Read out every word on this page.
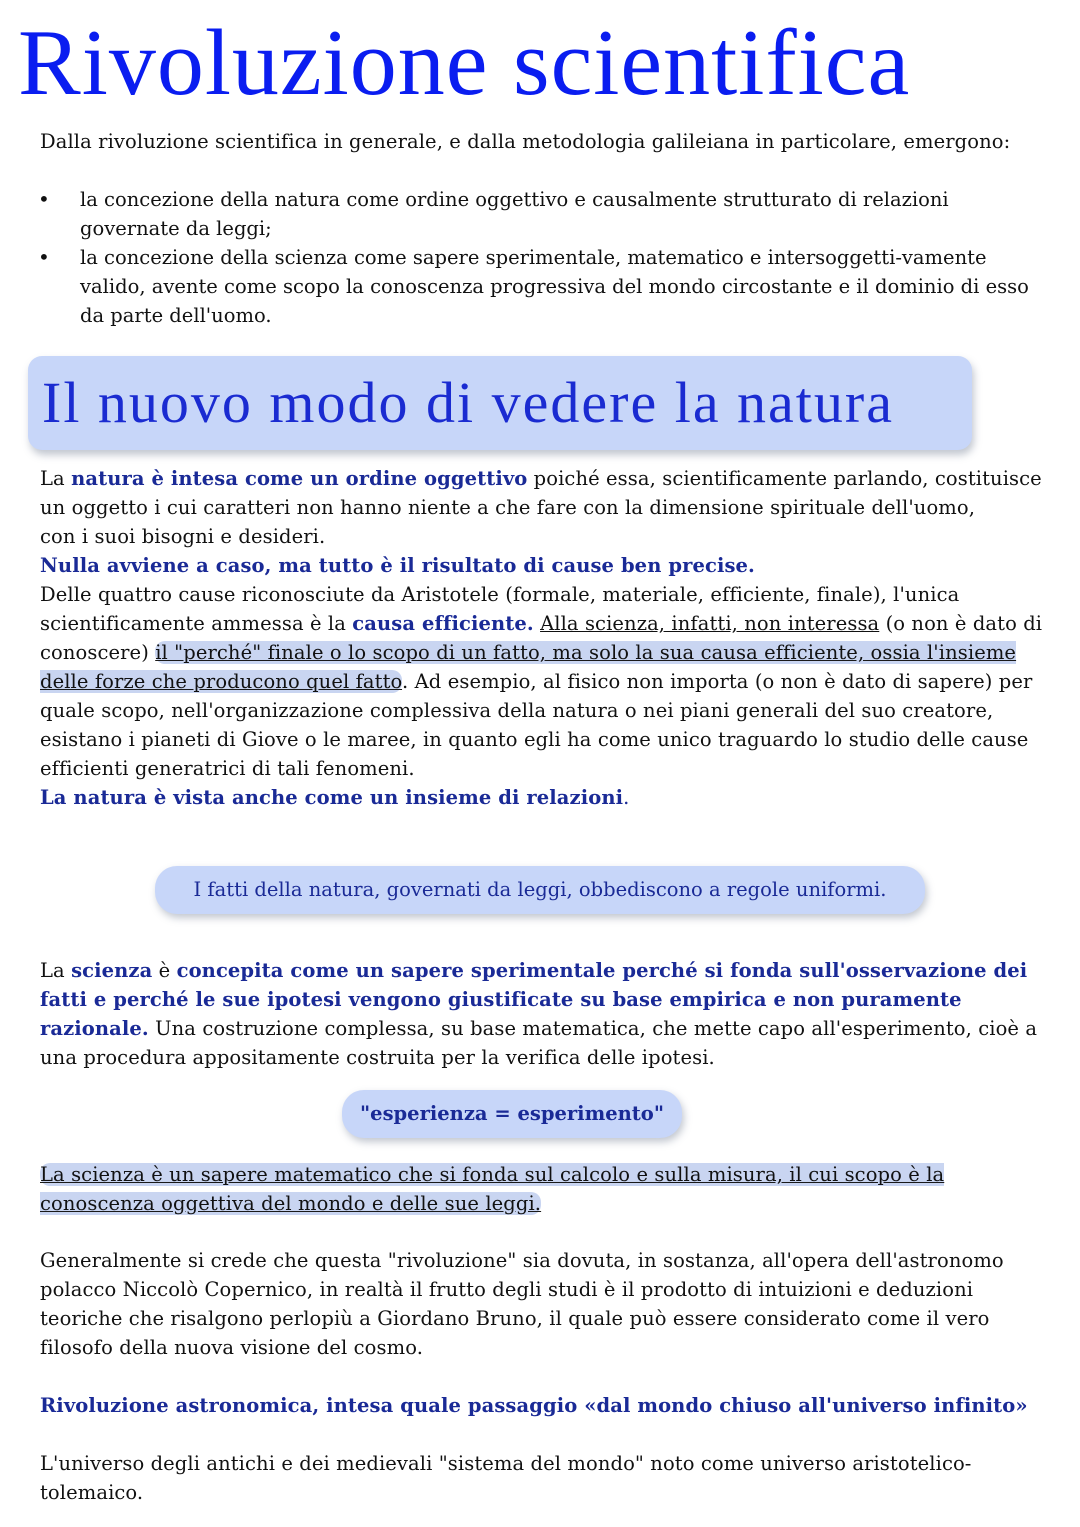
Rivoluzione scientifica
Dalla rivoluzione scientifica in generale, e dalla metodologia galileiana in particolare, emergono:
• la concezione della natura come ordine oggettivo e causalmente strutturato di relazioni governate da leggi;
• la concezione della scienza come sapere sperimentale, matematico e intersoggetti-vamente valido, avente come scopo la conoscenza progressiva del mondo circostante e il dominio di esso da parte dell'uomo.
Il nuovo modo di vedere la natura
La natura è intesa come un ordine oggettivo poiché essa, scientificamente parlando, costituisce un oggetto i cui caratteri non hanno niente a che fare con la dimensione spirituale dell'uomo,
con i suoi bisogni e desideri.
Nulla avviene a caso, ma tutto è il risultato di cause ben precise.
Delle quattro cause riconosciute da Aristotele (formale, materiale, efficiente, finale), l'unica scientificamente ammessa è la causa efficiente. Alla scienza, infatti, non interessa (o non è dato di conoscere) il "perché" finale o lo scopo di un fatto, ma solo la sua causa efficiente, ossia l'insieme delle forze che producono quel fatto. Ad esempio, al fisico non importa (o non è dato di sapere) per quale scopo, nell'organizzazione complessiva della natura o nei piani generali del suo creatore, esistano i pianeti di Giove o le maree, in quanto egli ha come unico traguardo lo studio delle cause efficienti generatrici di tali fenomeni.
La natura è vista anche come un insieme di relazioni.
I fatti della natura, governati da leggi, obbediscono a regole uniformi.
La scienza è concepita come un sapere sperimentale perché si fonda sull'osservazione dei fatti e perché le sue ipotesi vengono giustificate su base empirica e non puramente razionale. Una costruzione complessa, su base matematica, che mette capo all'esperimento, cioè a una procedura appositamente costruita per la verifica delle ipotesi.
"esperienza = esperimento"
La scienza è un sapere matematico che si fonda sul calcolo e sulla misura, il cui scopo è la conoscenza oggettiva del mondo e delle sue leggi.
Generalmente si crede che questa "rivoluzione" sia dovuta, in sostanza, all'opera dell'astronomo polacco Niccolò Copernico, in realtà il frutto degli studi è il prodotto di intuizioni e deduzioni teoriche che risalgono perlopiù a Giordano Bruno, il quale può essere considerato come il vero filosofo della nuova visione del cosmo.
Rivoluzione astronomica, intesa quale passaggio «dal mondo chiuso all'universo infinito»
L'universo degli antichi e dei medievali "sistema del mondo" noto come universo aristotelico-tolemaico.
